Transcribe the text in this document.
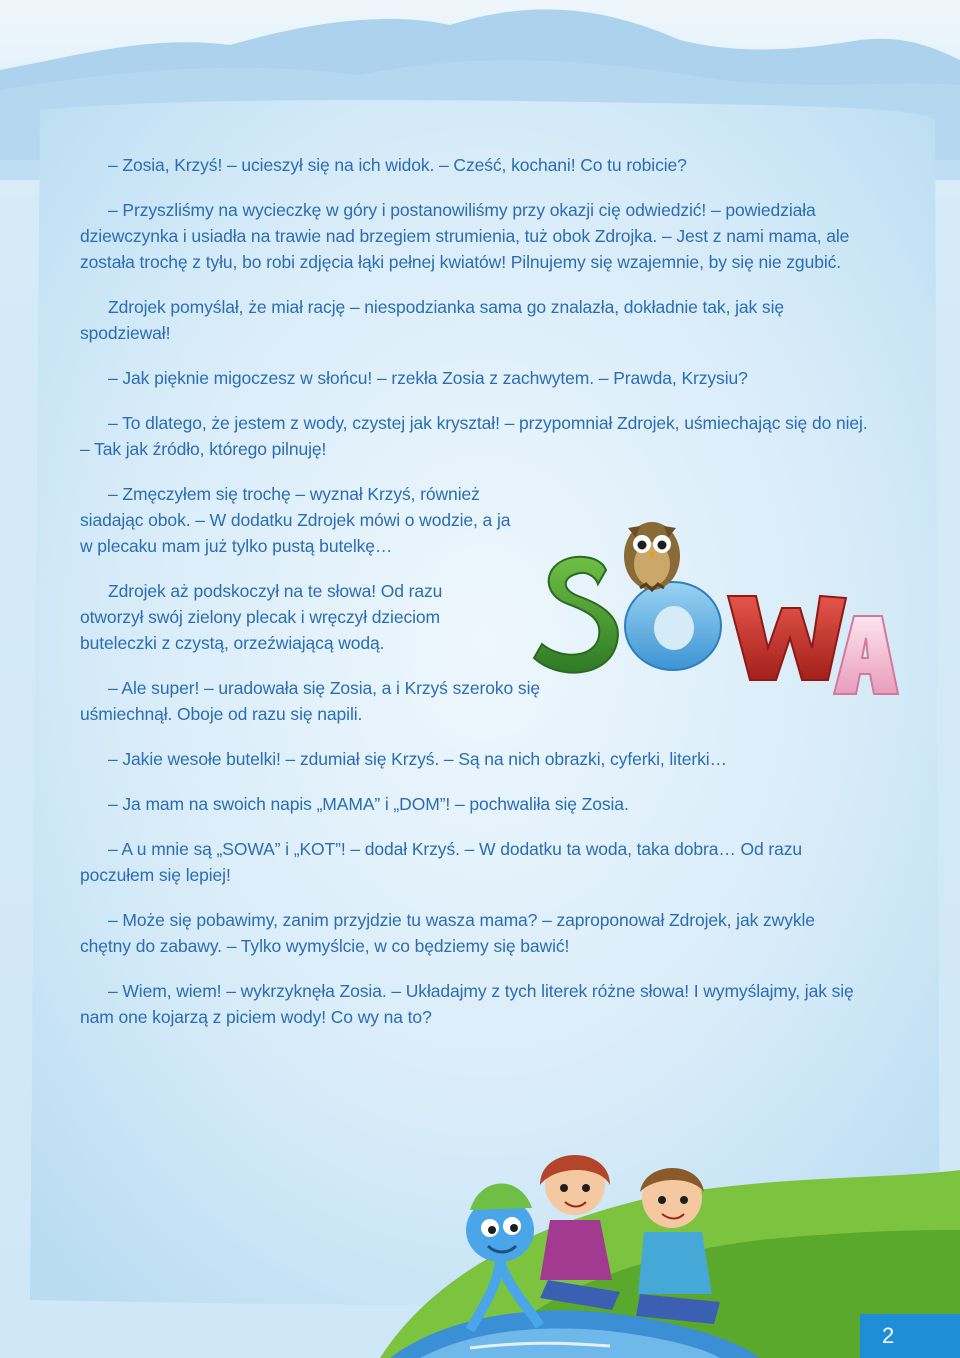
– Zosia, Krzyś! – ucieszył się na ich widok. – Cześć, kochani! Co tu robicie?

– Przyszliśmy na wycieczkę w góry i postanowiliśmy przy okazji cię odwiedzić! – powiedziała dziewczynka i usiadła na trawie nad brzegiem strumienia, tuż obok Zdrojka. – Jest z nami mama, ale została trochę z tyłu, bo robi zdjęcia łąki pełnej kwiatów! Pilnujemy się wzajemnie, by się nie zgubić.

Zdrojek pomyślał, że miał rację – niespodzianka sama go znalazła, dokładnie tak, jak się spodziewał!

– Jak pięknie migoczesz w słońcu! – rzekła Zosia z zachwytem. – Prawda, Krzysiu?

– To dlatego, że jestem z wody, czystej jak kryształ! – przypomniał Zdrojek, uśmiechając się do niej. – Tak jak źródło, którego pilnuję!

– Zmęczyłem się trochę – wyznał Krzyś, również siadając obok. – W dodatku Zdrojek mówi o wodzie, a ja w plecaku mam już tylko pustą butelkę…

Zdrojek aż podskoczył na te słowa! Od razu otworzył swój zielony plecak i wręczył dzieciom buteleczki z czystą, orzeźwiającą wodą.

– Ale super! – uradowała się Zosia, a i Krzyś szeroko się uśmiechnął. Oboje od razu się napili.

– Jakie wesołe butelki! – zdumiał się Krzyś. – Są na nich obrazki, cyferki, literki…

– Ja mam na swoich napis „MAMA” i „DOM”! – pochwaliła się Zosia.

– A u mnie są „SOWA” i „KOT”! – dodał Krzyś. – W dodatku ta woda, taka dobra… Od razu poczułem się lepiej!

– Może się pobawimy, zanim przyjdzie tu wasza mama? – zaproponował Zdrojek, jak zwykle chętny do zabawy. – Tylko wymyślcie, w co będziemy się bawić!

– Wiem, wiem! – wykrzyknęła Zosia. – Układajmy z tych literek różne słowa! I wymyślajmy, jak się nam one kojarzą z piciem wody! Co wy na to?

2
